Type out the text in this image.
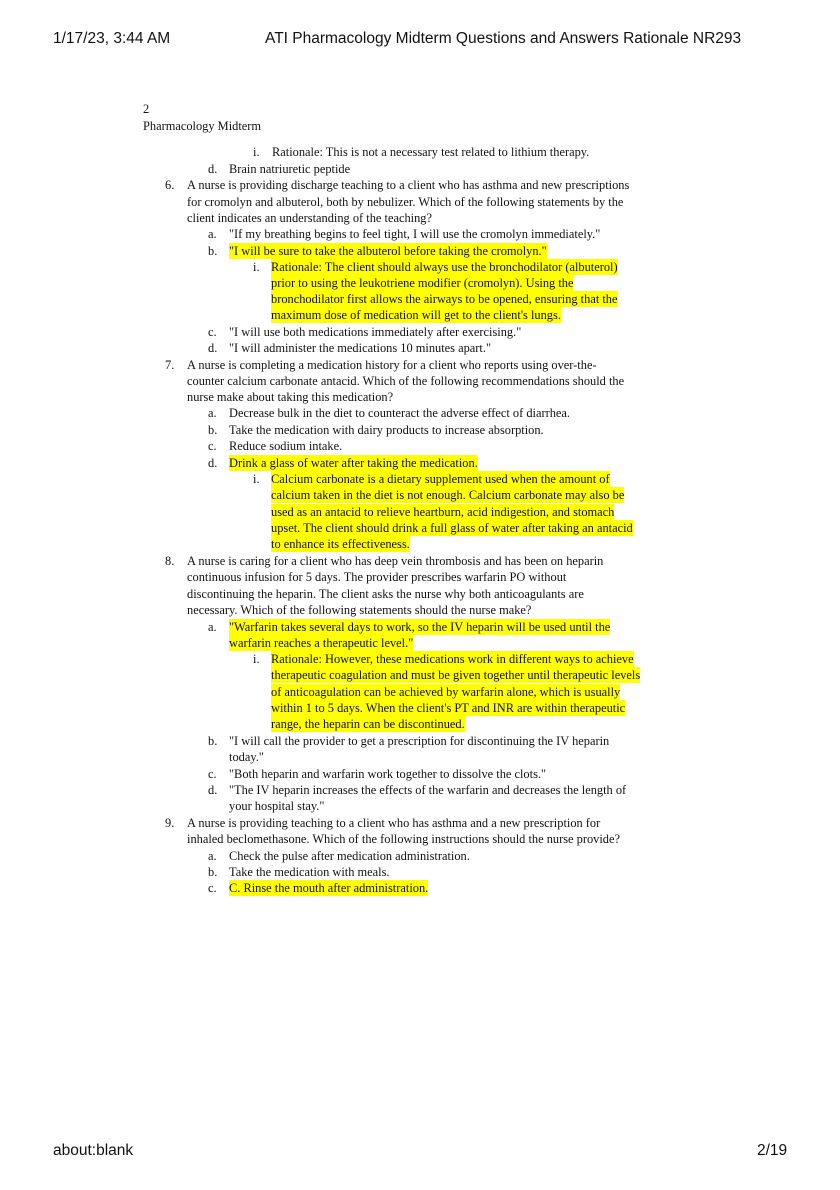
1/17/23, 3:44 AM	ATI Pharmacology Midterm Questions and Answers Rationale NR293
about:blank	2/19
2
Pharmacology Midterm
i. Rationale: This is not a necessary test related to lithium therapy.
d. Brain natriuretic peptide
6. A nurse is providing discharge teaching to a client who has asthma and new prescriptions
for cromolyn and albuterol, both by nebulizer. Which of the following statements by the
client indicates an understanding of the teaching?
a. "If my breathing begins to feel tight, I will use the cromolyn immediately."
b. "I will be sure to take the albuterol before taking the cromolyn."
i. Rationale: The client should always use the bronchodilator (albuterol)
prior to using the leukotriene modifier (cromolyn). Using the
bronchodilator first allows the airways to be opened, ensuring that the
maximum dose of medication will get to the client's lungs.
c. "I will use both medications immediately after exercising."
d. "I will administer the medications 10 minutes apart."
7. A nurse is completing a medication history for a client who reports using over-the-
counter calcium carbonate antacid. Which of the following recommendations should the
nurse make about taking this medication?
a. Decrease bulk in the diet to counteract the adverse effect of diarrhea.
b. Take the medication with dairy products to increase absorption.
c. Reduce sodium intake.
d. Drink a glass of water after taking the medication.
i. Calcium carbonate is a dietary supplement used when the amount of
calcium taken in the diet is not enough. Calcium carbonate may also be
used as an antacid to relieve heartburn, acid indigestion, and stomach
upset. The client should drink a full glass of water after taking an antacid
to enhance its effectiveness.
8. A nurse is caring for a client who has deep vein thrombosis and has been on heparin
continuous infusion for 5 days. The provider prescribes warfarin PO without
discontinuing the heparin. The client asks the nurse why both anticoagulants are
necessary. Which of the following statements should the nurse make?
a. "Warfarin takes several days to work, so the IV heparin will be used until the
warfarin reaches a therapeutic level."
i. Rationale: However, these medications work in different ways to achieve
therapeutic coagulation and must be given together until therapeutic levels
of anticoagulation can be achieved by warfarin alone, which is usually
within 1 to 5 days. When the client's PT and INR are within therapeutic
range, the heparin can be discontinued.
b. "I will call the provider to get a prescription for discontinuing the IV heparin
today."
c. "Both heparin and warfarin work together to dissolve the clots."
d. "The IV heparin increases the effects of the warfarin and decreases the length of
your hospital stay."
9. A nurse is providing teaching to a client who has asthma and a new prescription for
inhaled beclomethasone. Which of the following instructions should the nurse provide?
a. Check the pulse after medication administration.
b. Take the medication with meals.
c. C. Rinse the mouth after administration.
